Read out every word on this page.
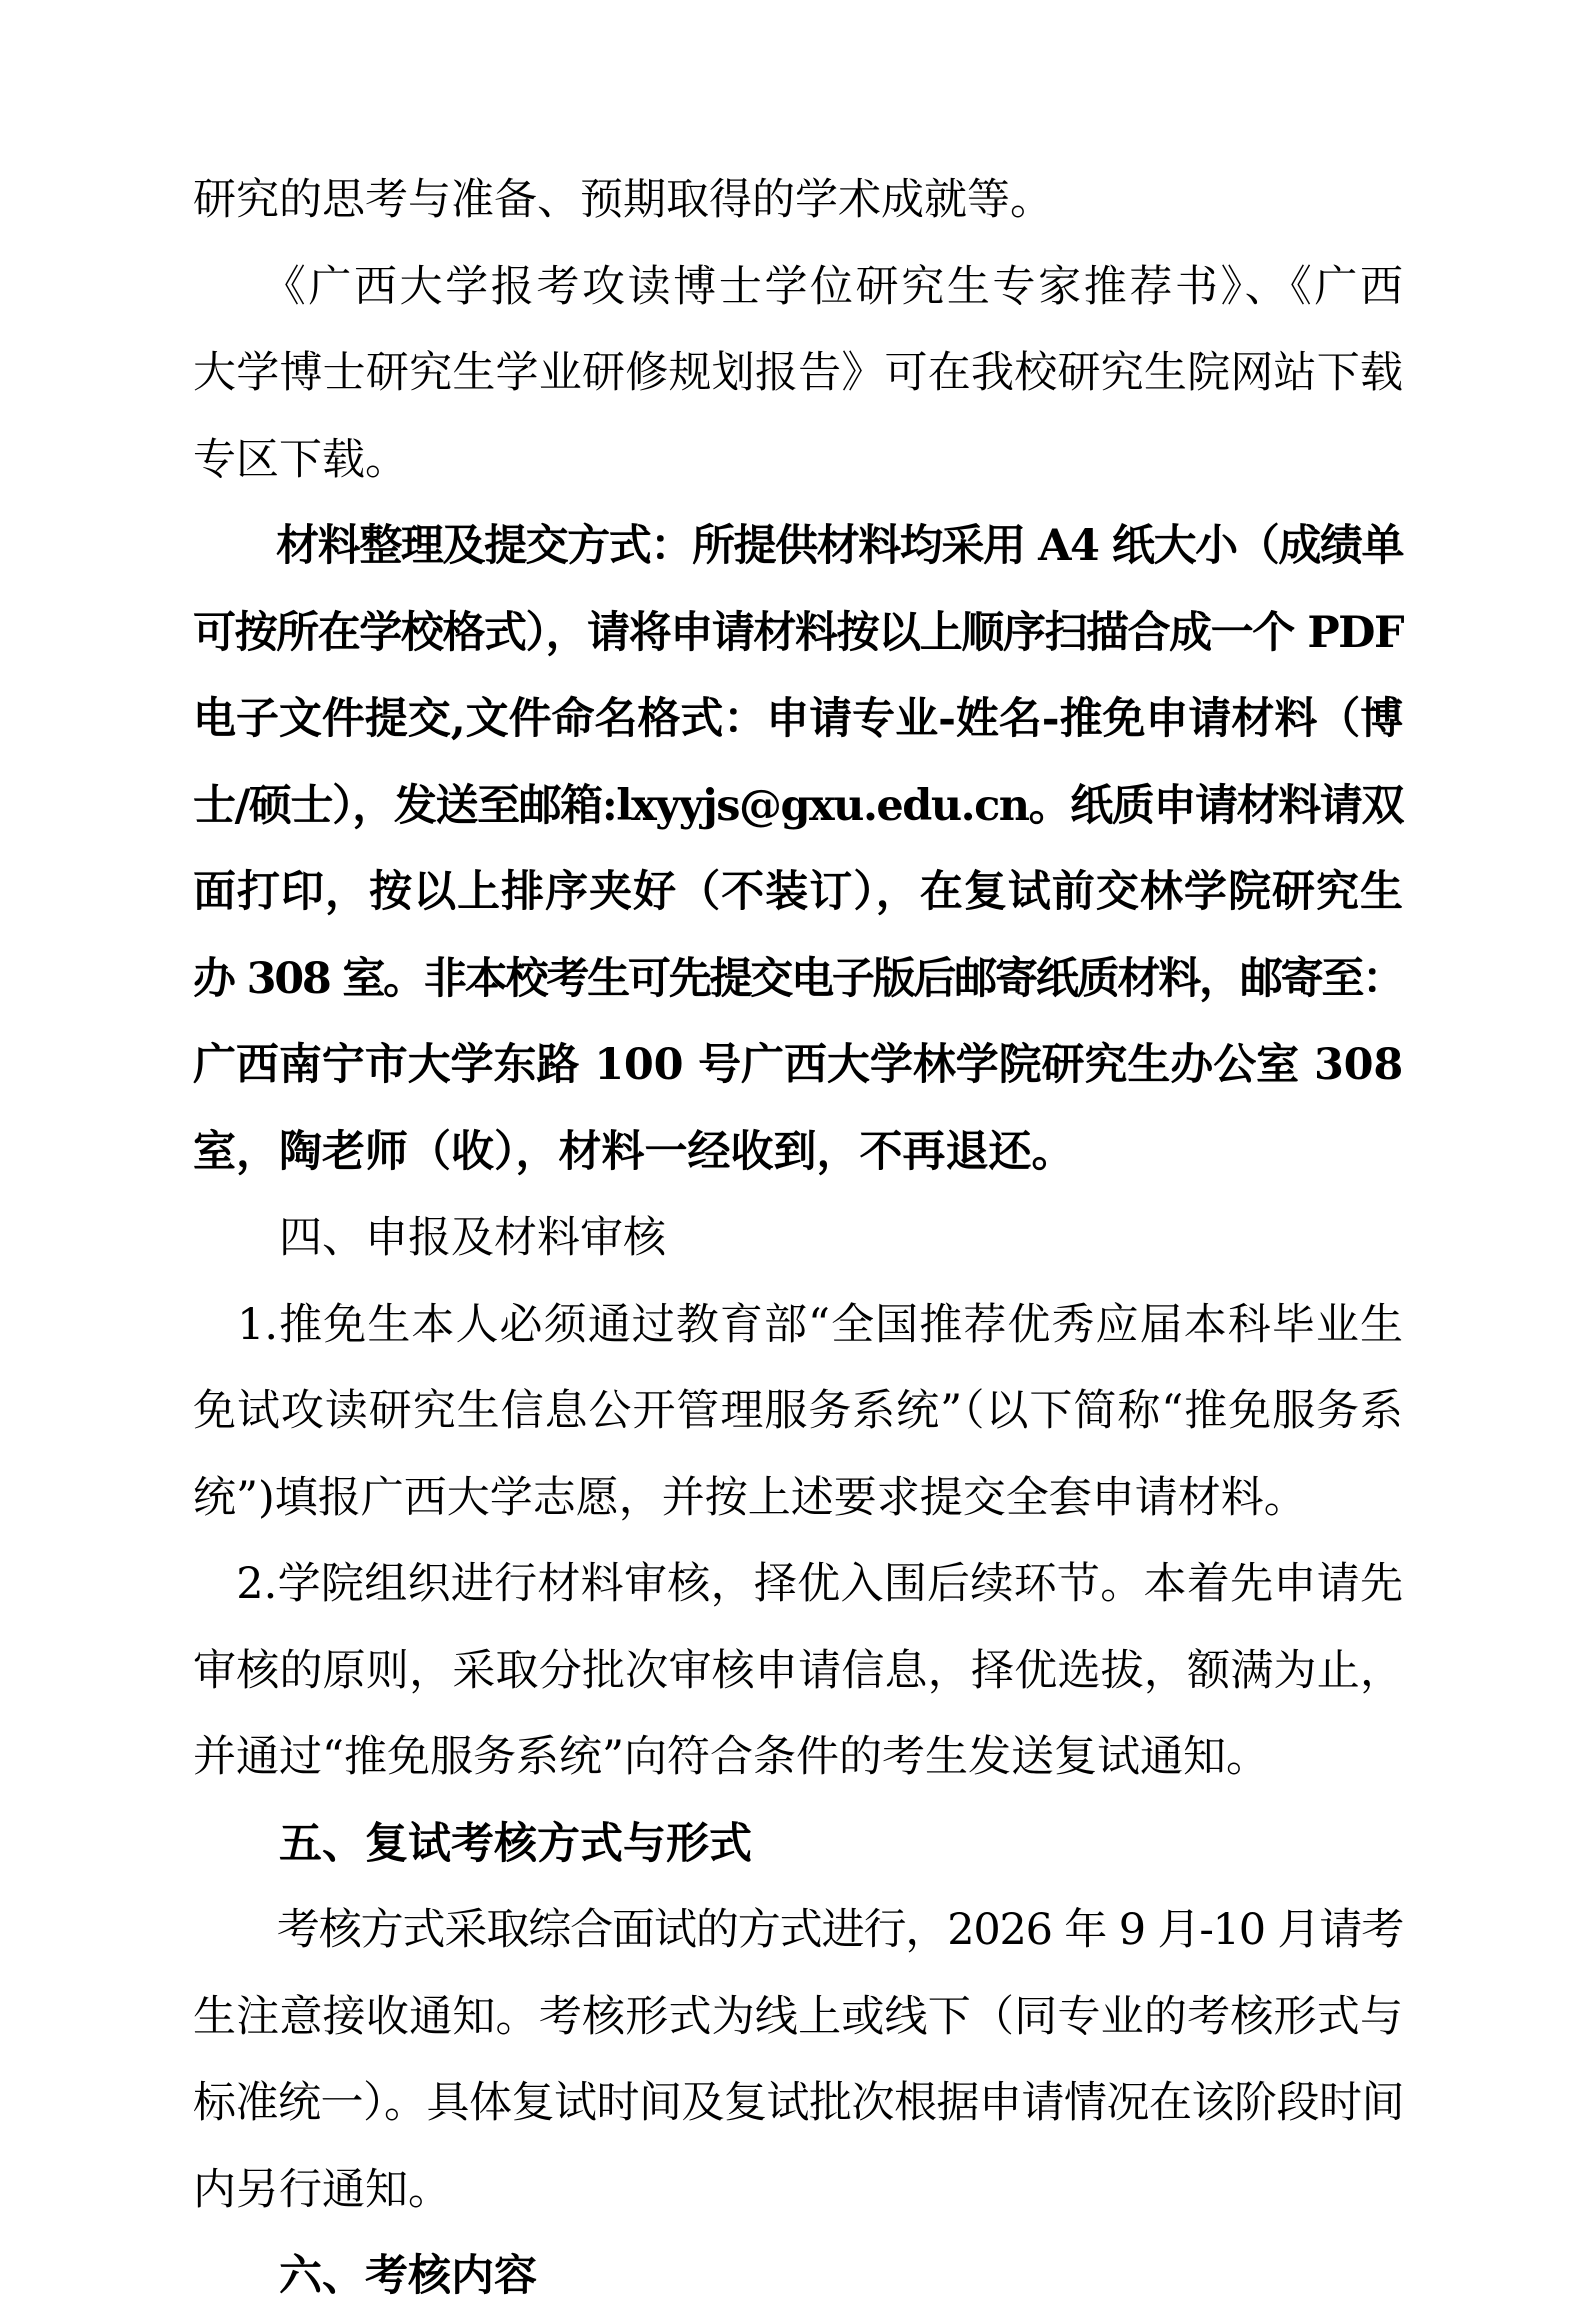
研究的思考与准备、预期取得的学术成就等。
　　《广西大学报考攻读博士学位研究生专家推荐书》、《广西
大学博士研究生学业研修规划报告》可在我校研究生院网站下载
专区下载。
　　材料整理及提交方式：所提供材料均采用 A4 纸大小（成绩单
可按所在学校格式），请将申请材料按以上顺序扫描合成一个 PDF
电子文件提交,文件命名格式：申请专业-姓名-推免申请材料（博
士/硕士），发送至邮箱:lxyyjs@gxu.edu.cn。纸质申请材料请双
面打印，按以上排序夹好（不装订），在复试前交林学院研究生
办 308 室。非本校考生可先提交电子版后邮寄纸质材料，邮寄至：
广西南宁市大学东路 100 号广西大学林学院研究生办公室 308
室，陶老师（收），材料一经收到，不再退还。
　　四、申报及材料审核
　1.推免生本人必须通过教育部“全国推荐优秀应届本科毕业生
免试攻读研究生信息公开管理服务系统”（以下简称“推免服务系
统”)填报广西大学志愿，并按上述要求提交全套申请材料。
　2.学院组织进行材料审核，择优入围后续环节。本着先申请先
审核的原则，采取分批次审核申请信息，择优选拔，额满为止，
并通过“推免服务系统”向符合条件的考生发送复试通知。
　　五、复试考核方式与形式
　　考核方式采取综合面试的方式进行，2026 年 9 月-10 月请考
生注意接收通知。考核形式为线上或线下（同专业的考核形式与
标准统一）。具体复试时间及复试批次根据申请情况在该阶段时间
内另行通知。
　　六、考核内容
